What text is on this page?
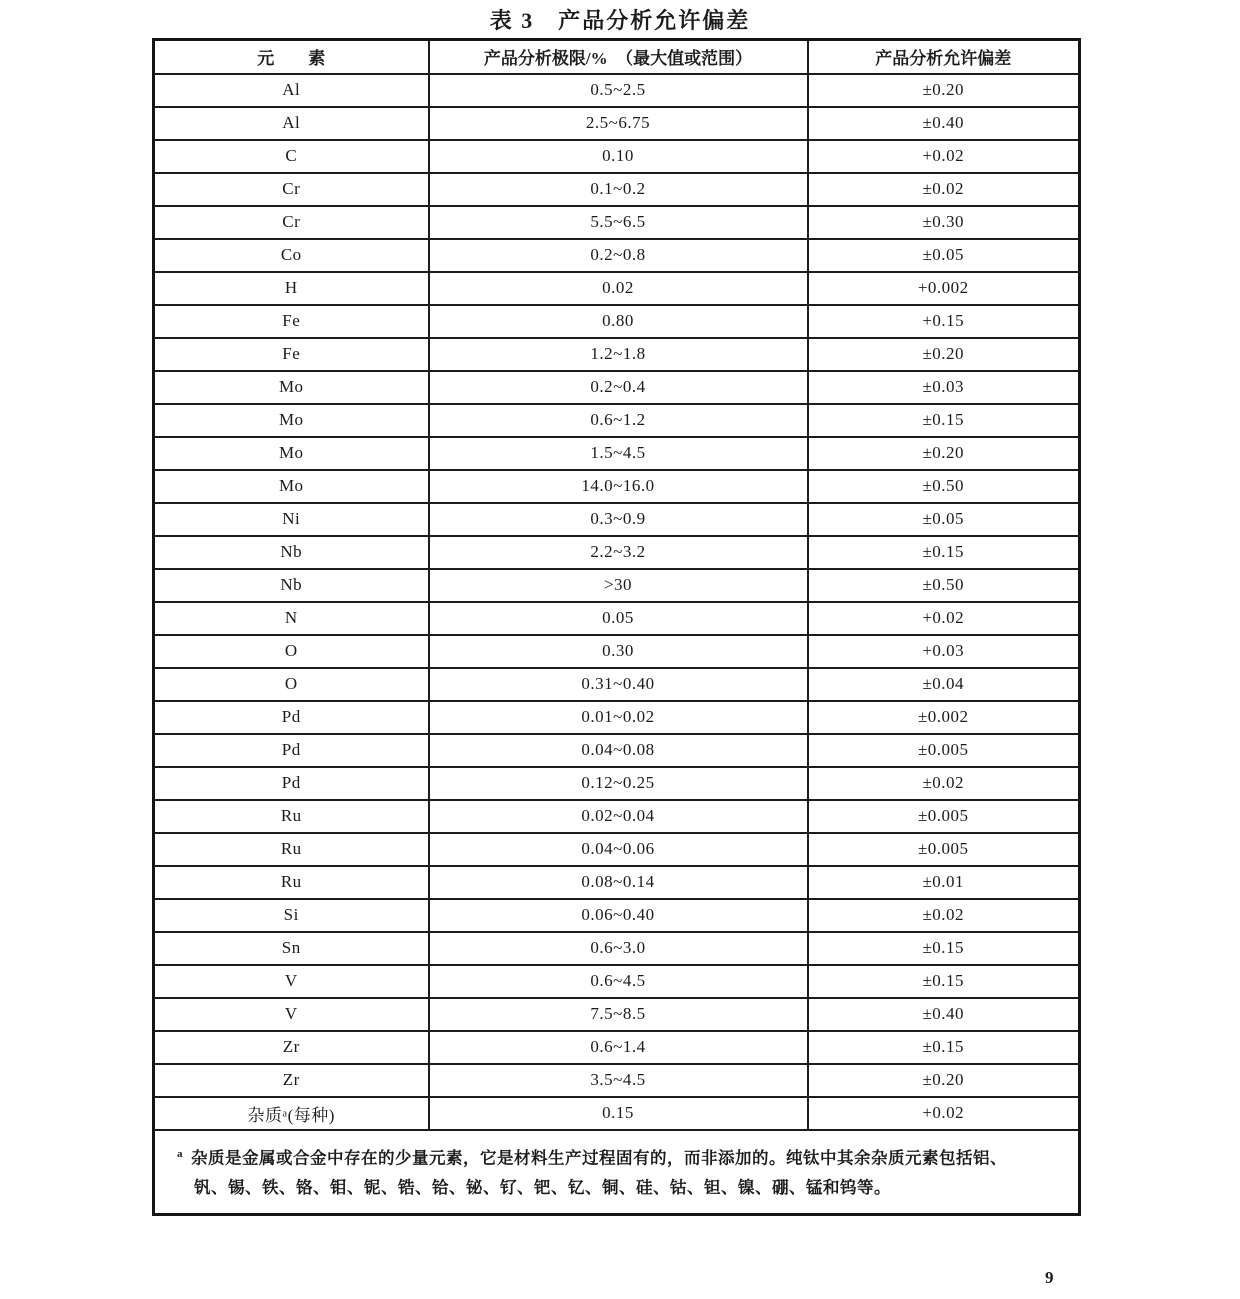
表 3　产品分析允许偏差
元　　素	产品分析极限/%　（最大值或范围）	产品分析允许偏差
Al	0.5~2.5	±0.20
Al	2.5~6.75	±0.40
C	0.10	+0.02
Cr	0.1~0.2	±0.02
Cr	5.5~6.5	±0.30
Co	0.2~0.8	±0.05
H	0.02	+0.002
Fe	0.80	+0.15
Fe	1.2~1.8	±0.20
Mo	0.2~0.4	±0.03
Mo	0.6~1.2	±0.15
Mo	1.5~4.5	±0.20
Mo	14.0~16.0	±0.50
Ni	0.3~0.9	±0.05
Nb	2.2~3.2	±0.15
Nb	>30	±0.50
N	0.05	+0.02
O	0.30	+0.03
O	0.31~0.40	±0.04
Pd	0.01~0.02	±0.002
Pd	0.04~0.08	±0.005
Pd	0.12~0.25	±0.02
Ru	0.02~0.04	±0.005
Ru	0.04~0.06	±0.005
Ru	0.08~0.14	±0.01
Si	0.06~0.40	±0.02
Sn	0.6~3.0	±0.15
V	0.6~4.5	±0.15
V	7.5~8.5	±0.40
Zr	0.6~1.4	±0.15
Zr	3.5~4.5	±0.20
杂质ᵃ(每种)	0.15	+0.02

$^a$ 杂质是金属或合金中存在的少量元素，它是材料生产过程固有的，而非添加的。纯钛中其余杂质元素包括铝、
钒、锡、铁、铬、钼、铌、锆、铪、铋、钌、钯、钇、铜、硅、钴、钽、镍、硼、锰和钨等。		
9
